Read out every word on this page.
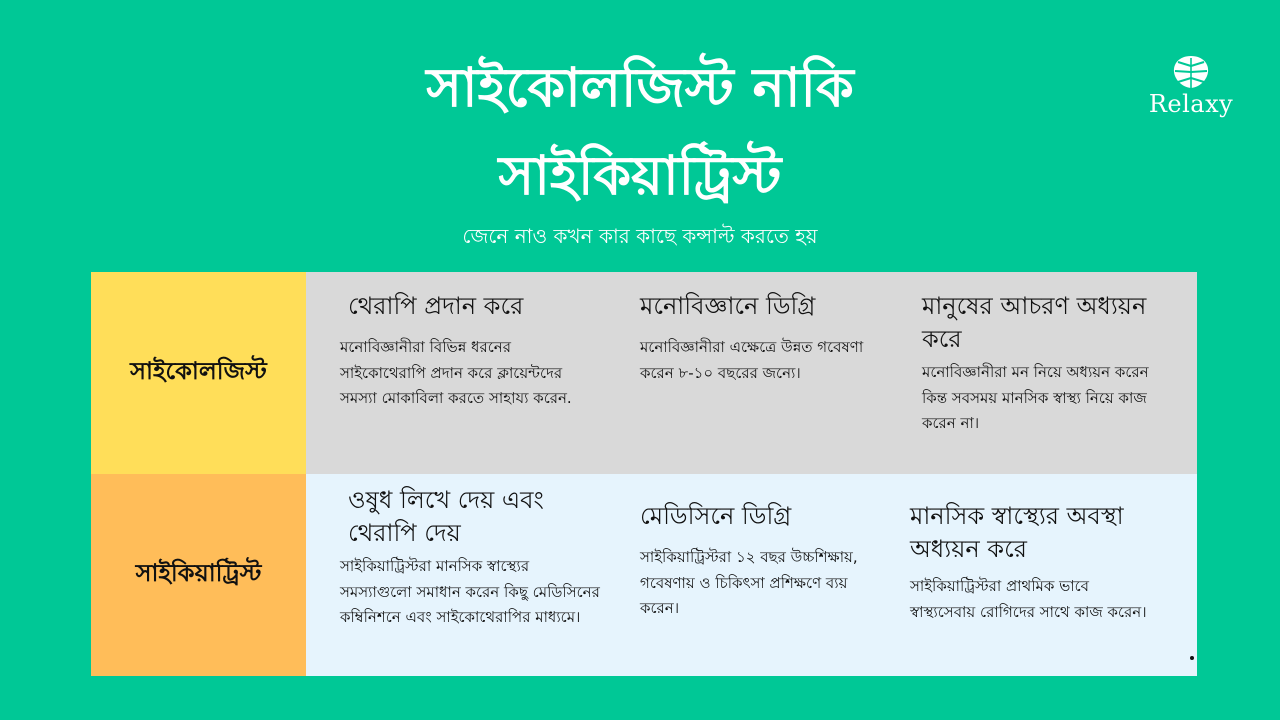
সাইকোলজিস্ট নাকি
সাইকিয়াট্রিস্ট

জেনে নাও কখন কার কাছে কন্সাল্ট করতে হয়

Relaxy
সাইকোলজিস্ট

থেরাপি প্রদান করে

মনোবিজ্ঞানীরা বিভিন্ন ধরনের সাইকোথেরাপি প্রদান করে ক্লায়েন্টদের সমস্যা মোকাবিলা করতে সাহায্য করেন.

মনোবিজ্ঞানে ডিগ্রি

মনোবিজ্ঞানীরা এক্ষেত্রে উন্নত গবেষণা করেন ৮-১০ বছরের জন্যে।

মানুষের আচরণ অধ্যয়ন করে

মনোবিজ্ঞানীরা মন নিয়ে অধ্যয়ন করেন কিন্ত সবসময় মানসিক স্বাস্থ্য নিয়ে কাজ করেন না।

সাইকিয়াট্রিস্ট

ওষুধ লিখে দেয় এবং থেরাপি দেয়

সাইকিয়াট্রিস্টরা মানসিক স্বাস্থ্যের সমস্যাগুলো সমাধান করেন কিছু মেডিসিনের কম্বিনিশনে এবং সাইকোথেরাপির মাধ্যমে।

মেডিসিনে ডিগ্রি

সাইকিয়াট্রিস্টরা ১২ বছর উচ্চশিক্ষায়, গবেষণায় ও চিকিৎসা প্রশিক্ষণে ব্যয় করেন।

মানসিক স্বাস্থ্যের অবস্থা অধ্যয়ন করে

সাইকিয়াট্রিস্টরা প্রাথমিক ভাবে স্বাস্থ্যসেবায় রোগিদের সাথে কাজ করেন।
